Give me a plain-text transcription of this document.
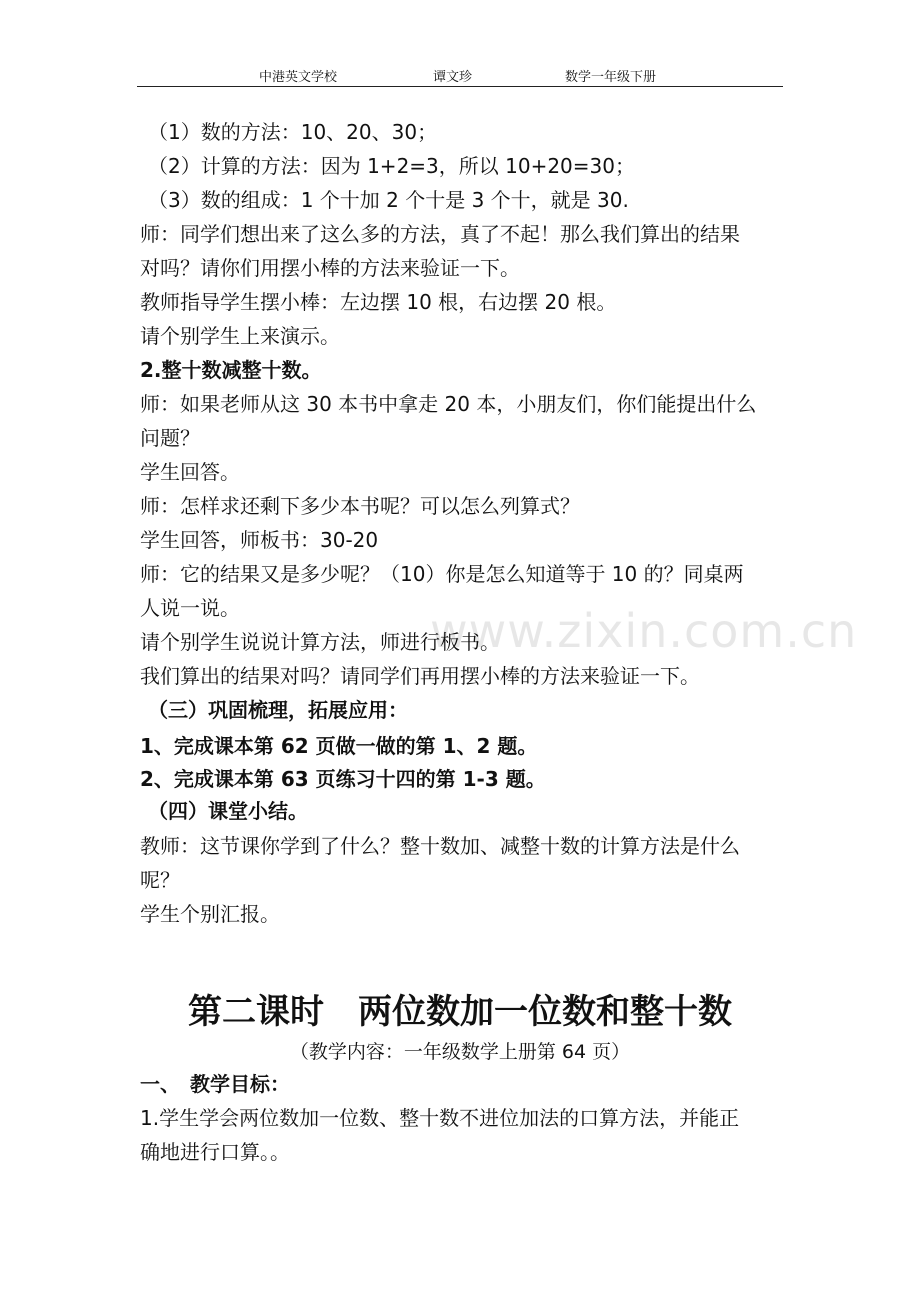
中港英文学校	谭文珍	数学一年级下册
www.zixin.com.cn
（1）数的方法：10、20、30；
（2）计算的方法：因为 1+2=3，所以 10+20=30；
（3）数的组成：1 个十加 2 个十是 3 个十，就是 30.
师：同学们想出来了这么多的方法，真了不起！那么我们算出的结果
对吗？请你们用摆小棒的方法来验证一下。
教师指导学生摆小棒：左边摆 10 根，右边摆 20 根。
请个别学生上来演示。
2.整十数减整十数。
师：如果老师从这 30 本书中拿走 20 本，小朋友们，你们能提出什么
问题？
学生回答。
师：怎样求还剩下多少本书呢？可以怎么列算式？
学生回答，师板书：30-20
师：它的结果又是多少呢？（10）你是怎么知道等于 10 的？同桌两
人说一说。
请个别学生说说计算方法，师进行板书。
我们算出的结果对吗？请同学们再用摆小棒的方法来验证一下。
（三）巩固梳理，拓展应用：
1、完成课本第 62 页做一做的第 1、2 题。
2、完成课本第 63 页练习十四的第 1-3 题。
（四）课堂小结。
教师：这节课你学到了什么？整十数加、减整十数的计算方法是什么
呢？
学生个别汇报。
第二课时　两位数加一位数和整十数
（教学内容：一年级数学上册第 64 页）
一、　教学目标：
1.学生学会两位数加一位数、整十数不进位加法的口算方法，并能正
确地进行口算。。
